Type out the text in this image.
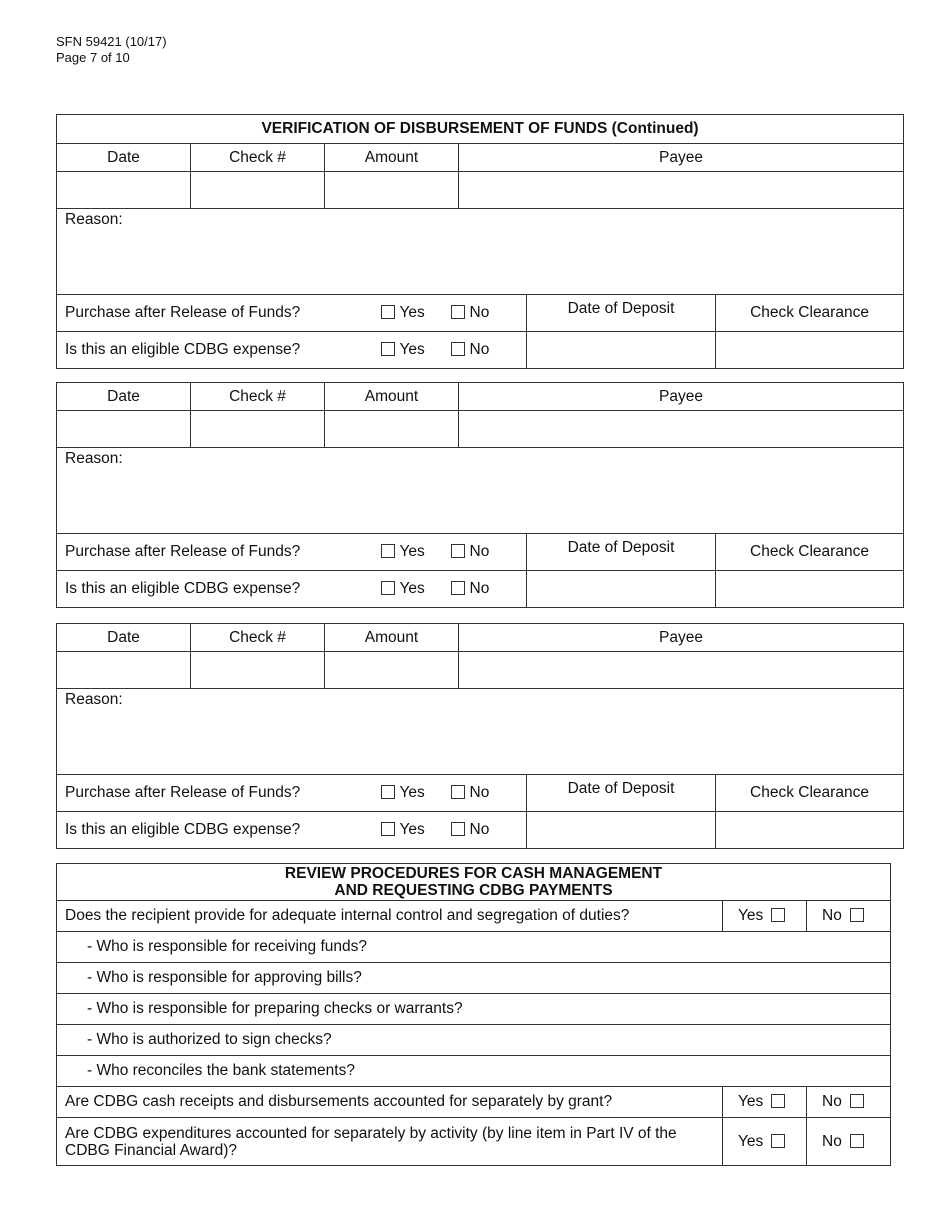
SFN 59421 (10/17)
Page 7 of 10
VERIFICATION OF DISBURSEMENT OF FUNDS (Continued)					
Date	Check #	Amount	Payee		

Reason:					
Purchase after Release of Funds?		Yes No		Date of Deposit	Check Clearance
Is this an eligible CDBG expense?		Yes No			
Date	Check #	Amount	Payee		

Reason:					
Purchase after Release of Funds?		Yes No		Date of Deposit	Check Clearance
Is this an eligible CDBG expense?		Yes No			
Date	Check #	Amount	Payee		

Reason:					
Purchase after Release of Funds?		Yes No		Date of Deposit	Check Clearance
Is this an eligible CDBG expense?		Yes No			
REVIEW PROCEDURES FOR CASH MANAGEMENT
AND REQUESTING CDBG PAYMENTS		

Does the recipient provide for adequate internal control and segregation of duties?	Yes	No
- Who is responsible for receiving funds?		
- Who is responsible for approving bills?		
- Who is responsible for preparing checks or warrants?		
- Who is authorized to sign checks?		
- Who reconciles the bank statements?		
Are CDBG cash receipts and disbursements accounted for separately by grant?	Yes	No
Are CDBG expenditures accounted for separately by activity (by line item in Part IV of the CDBG Financial Award)?	Yes	No
